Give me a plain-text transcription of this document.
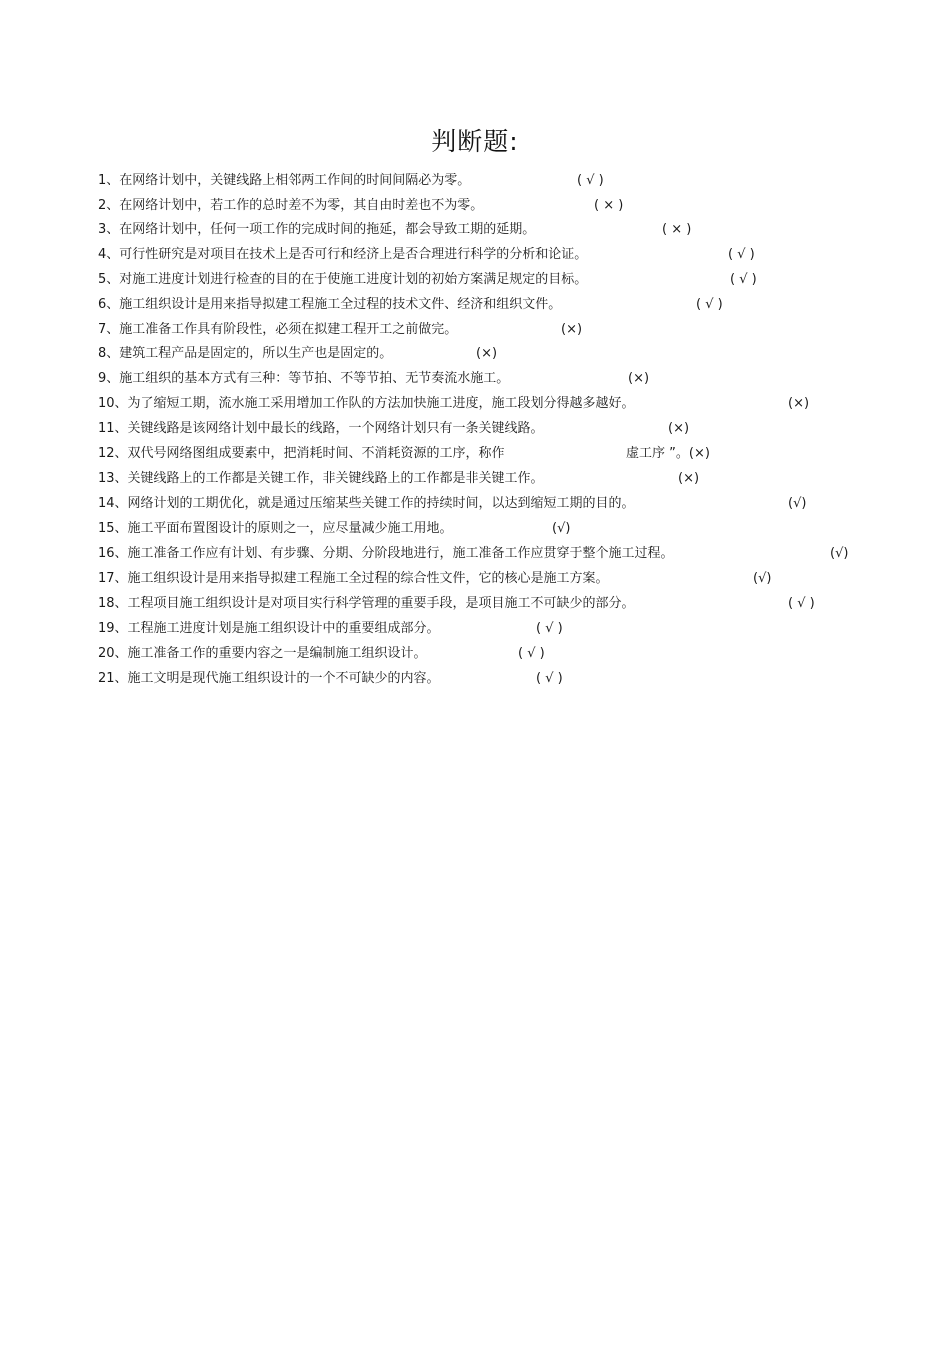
判断题:
1、在网络计划中，关键线路上相邻两工作间的时间间隔必为零。	( √ )
2、在网络计划中，若工作的总时差不为零，其自由时差也不为零。	( × )
3、在网络计划中，任何一项工作的完成时间的拖延，都会导致工期的延期。	( × )
4、可行性研究是对项目在技术上是否可行和经济上是否合理进行科学的分析和论证。	( √ )
5、对施工进度计划进行检查的目的在于使施工进度计划的初始方案满足规定的目标。	( √ )
6、施工组织设计是用来指导拟建工程施工全过程的技术文件、经济和组织文件。	( √ )
7、施工准备工作具有阶段性，必须在拟建工程开工之前做完。	(×)
8、建筑工程产品是固定的，所以生产也是固定的。	(×)
9、施工组织的基本方式有三种：等节拍、不等节拍、无节奏流水施工。	(×)
10、为了缩短工期，流水施工采用增加工作队的方法加快施工进度，施工段划分得越多越好。	(×)
11、关键线路是该网络计划中最长的线路，一个网络计划只有一条关键线路。	(×)
12、双代号网络图组成要素中，把消耗时间、不消耗资源的工序，称作	虚工序 ”。(×)
13、关键线路上的工作都是关键工作，非关键线路上的工作都是非关键工作。	(×)
14、网络计划的工期优化，就是通过压缩某些关键工作的持续时间，以达到缩短工期的目的。	(√)
15、施工平面布置图设计的原则之一，应尽量减少施工用地。	(√)
16、施工准备工作应有计划、有步骤、分期、分阶段地进行，施工准备工作应贯穿于整个施工过程。	(√)
17、施工组织设计是用来指导拟建工程施工全过程的综合性文件，它的核心是施工方案。	(√)
18、工程项目施工组织设计是对项目实行科学管理的重要手段，是项目施工不可缺少的部分。	( √ )
19、工程施工进度计划是施工组织设计中的重要组成部分。	( √ )
20、施工准备工作的重要内容之一是编制施工组织设计。	( √ )
21、施工文明是现代施工组织设计的一个不可缺少的内容。	( √ )
